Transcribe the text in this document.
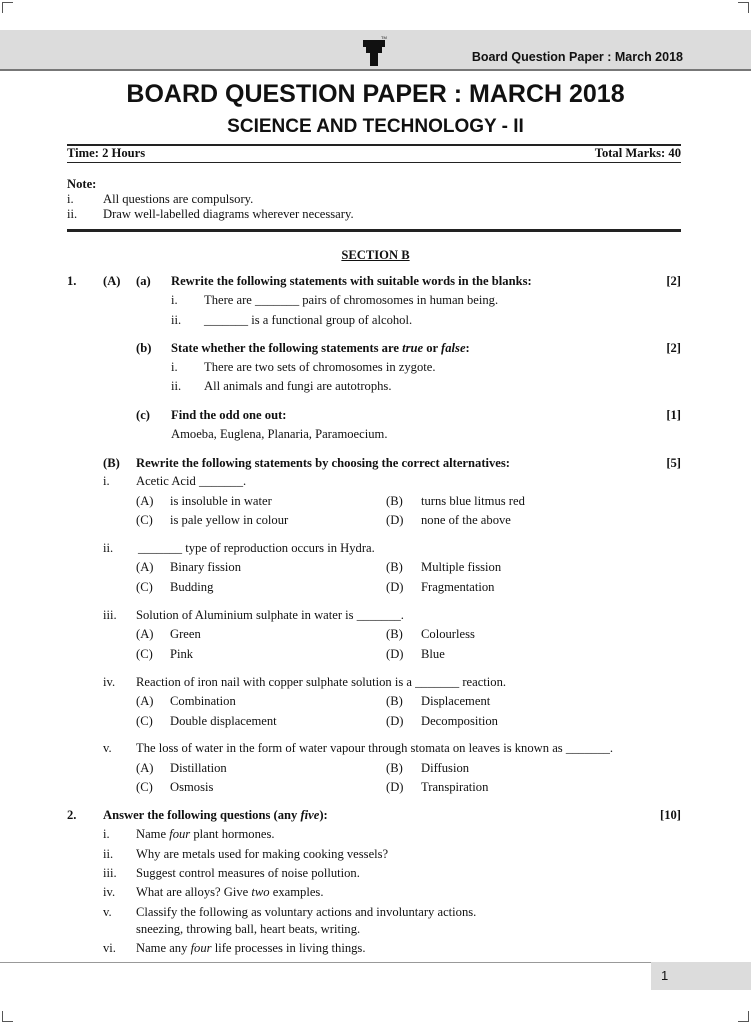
TM
Board Question Paper : March 2018
BOARD QUESTION PAPER : MARCH 2018
SCIENCE AND TECHNOLOGY - II
Time: 2 Hours	Total Marks: 40
Note:
i. All questions are compulsory.
ii. Draw well-labelled diagrams wherever necessary.
SECTION B
1. (A) (a) Rewrite the following statements with suitable words in the blanks:	[2]
i. There are _______ pairs of chromosomes in human being.
ii. _______ is a functional group of alcohol.
(b) State whether the following statements are true or false:	[2]
i. There are two sets of chromosomes in zygote.
ii. All animals and fungi are autotrophs.
(c) Find the odd one out:	[1]
Amoeba, Euglena, Planaria, Paramoecium.
(B) Rewrite the following statements by choosing the correct alternatives:	[5]
i. Acetic Acid _______.
(A) is insoluble in water	(B) turns blue litmus red
(C) is pale yellow in colour	(D) none of the above
ii. _______ type of reproduction occurs in Hydra.
(A) Binary fission	(B) Multiple fission
(C) Budding	(D) Fragmentation
iii. Solution of Aluminium sulphate in water is _______.
(A) Green	(B) Colourless
(C) Pink	(D) Blue
iv. Reaction of iron nail with copper sulphate solution is a _______ reaction.
(A) Combination	(B) Displacement
(C) Double displacement	(D) Decomposition
v. The loss of water in the form of water vapour through stomata on leaves is known as _______.
(A) Distillation	(B) Diffusion
(C) Osmosis	(D) Transpiration
2. Answer the following questions (any five):	[10]
i. Name four plant hormones.
ii. Why are metals used for making cooking vessels?
iii. Suggest control measures of noise pollution.
iv. What are alloys? Give two examples.
v. Classify the following as voluntary actions and involuntary actions.
sneezing, throwing ball, heart beats, writing.
vi. Name any four life processes in living things.
1
